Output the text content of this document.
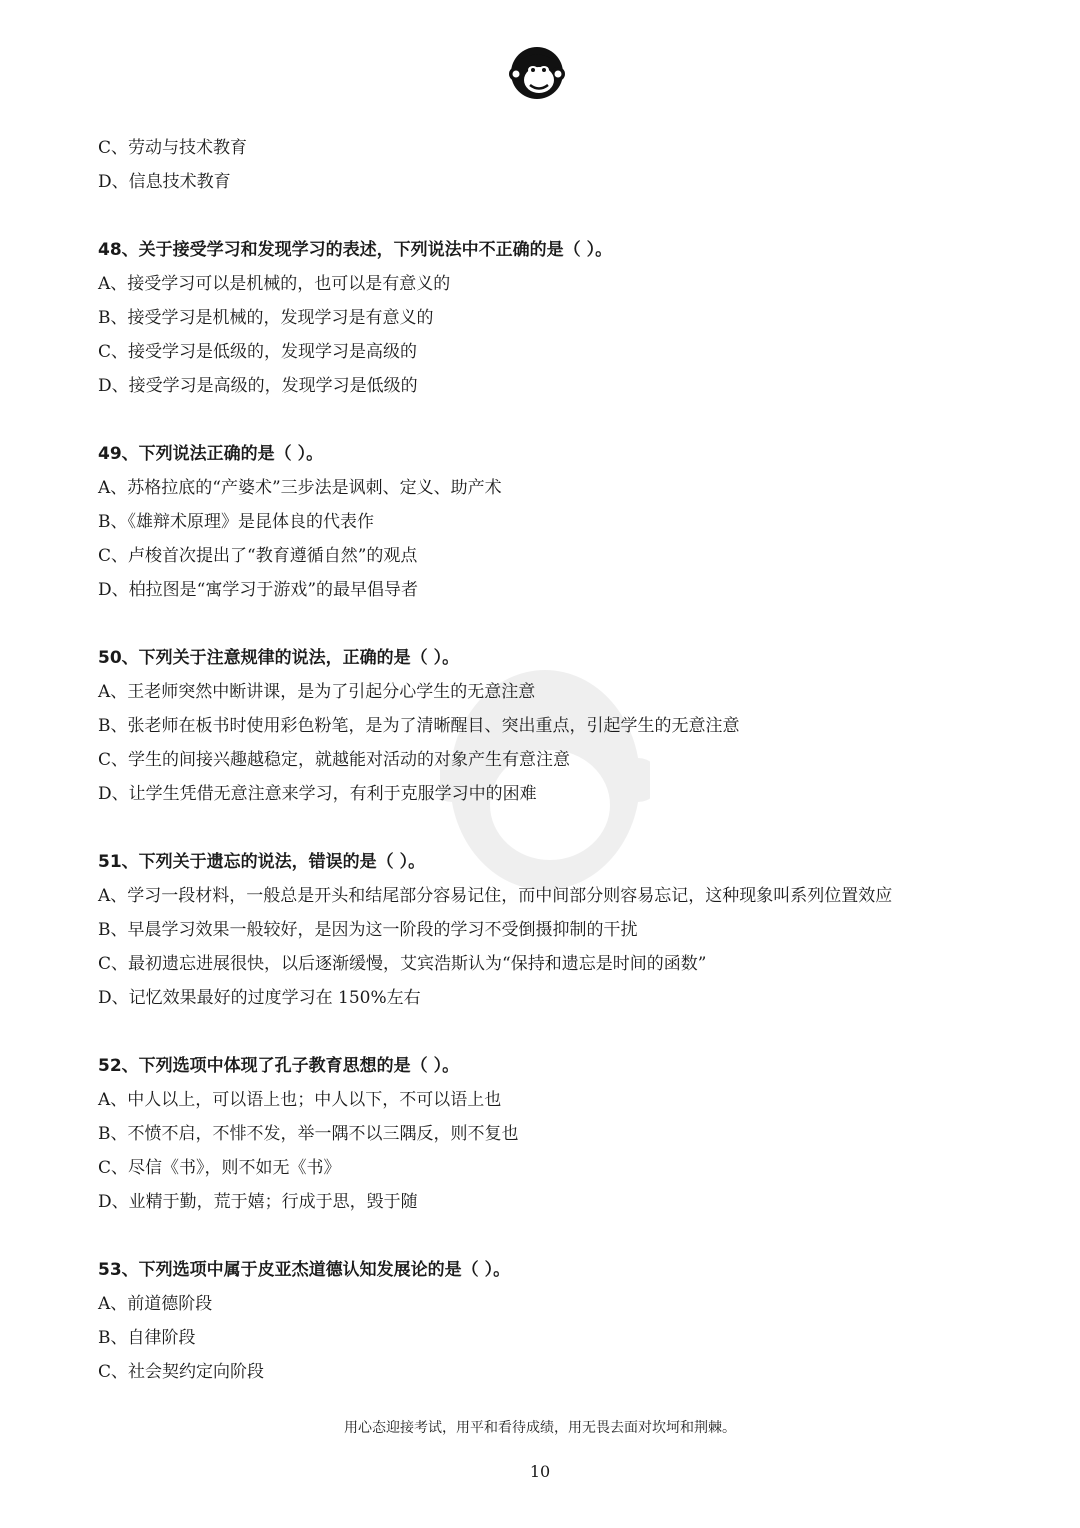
C、劳动与技术教育
D、信息技术教育
48、关于接受学习和发现学习的表述，下列说法中不正确的是（ ）。
A、接受学习可以是机械的，也可以是有意义的
B、接受学习是机械的，发现学习是有意义的
C、接受学习是低级的，发现学习是高级的
D、接受学习是高级的，发现学习是低级的
49、下列说法正确的是（ ）。
A、苏格拉底的“产婆术”三步法是讽刺、定义、助产术
B、《雄辩术原理》是昆体良的代表作
C、卢梭首次提出了“教育遵循自然”的观点
D、柏拉图是“寓学习于游戏”的最早倡导者
50、下列关于注意规律的说法，正确的是（ ）。
A、王老师突然中断讲课，是为了引起分心学生的无意注意
B、张老师在板书时使用彩色粉笔，是为了清晰醒目、突出重点，引起学生的无意注意
C、学生的间接兴趣越稳定，就越能对活动的对象产生有意注意
D、让学生凭借无意注意来学习，有利于克服学习中的困难
51、下列关于遗忘的说法，错误的是（ ）。
A、学习一段材料，一般总是开头和结尾部分容易记住，而中间部分则容易忘记，这种现象叫系列位置效应
B、早晨学习效果一般较好，是因为这一阶段的学习不受倒摄抑制的干扰
C、最初遗忘进展很快，以后逐渐缓慢，艾宾浩斯认为“保持和遗忘是时间的函数”
D、记忆效果最好的过度学习在 150%左右
52、下列选项中体现了孔子教育思想的是（ ）。
A、中人以上，可以语上也；中人以下，不可以语上也
B、不愤不启，不悱不发，举一隅不以三隅反，则不复也
C、尽信《书》，则不如无《书》
D、业精于勤，荒于嬉；行成于思，毁于随
53、下列选项中属于皮亚杰道德认知发展论的是（ ）。
A、前道德阶段
B、自律阶段
C、社会契约定向阶段
用心态迎接考试，用平和看待成绩，用无畏去面对坎坷和荆棘。
10
